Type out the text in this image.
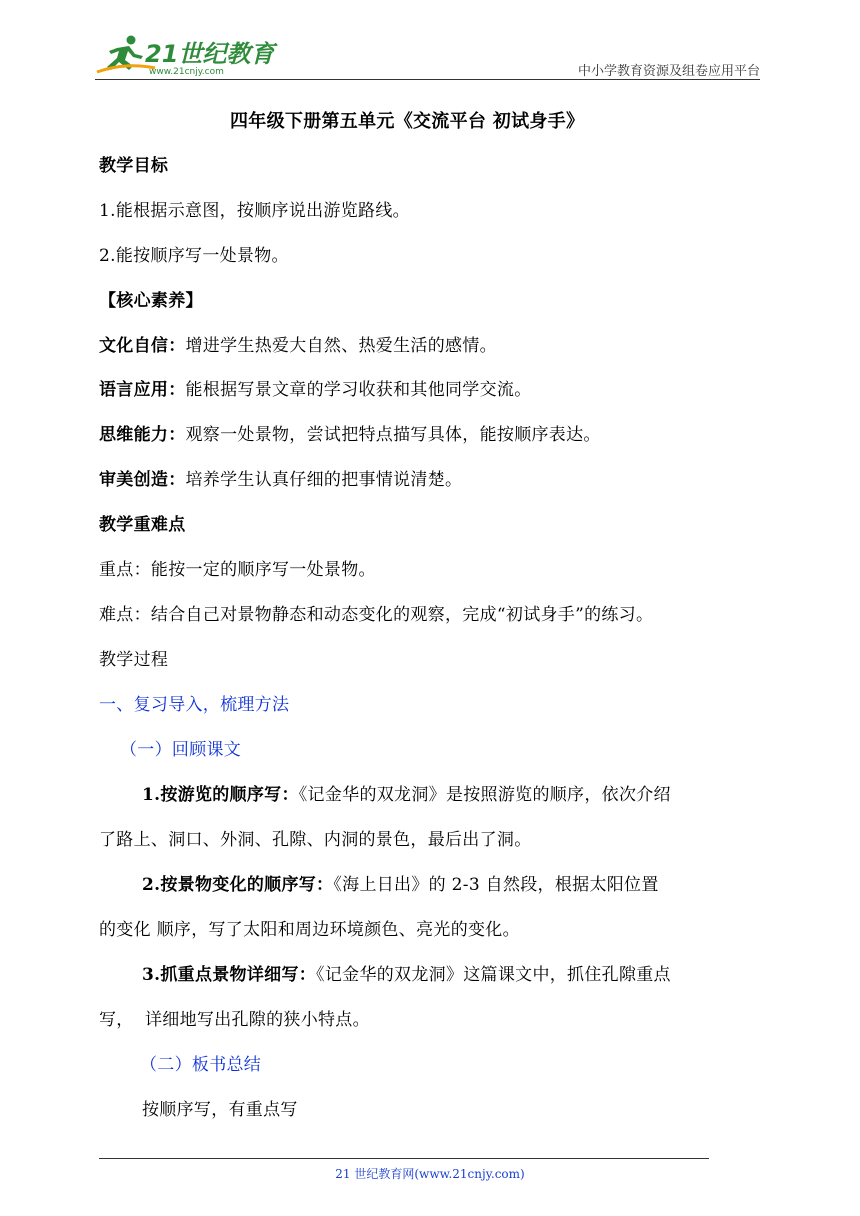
21世纪教育
www.21cnjy.com	中小学教育资源及组卷应用平台
四年级下册第五单元《交流平台 初试身手》
教学目标
1.能根据示意图，按顺序说出游览路线。
2.能按顺序写一处景物。
【核心素养】
文化自信：增进学生热爱大自然、热爱生活的感情。
语言应用：能根据写景文章的学习收获和其他同学交流。
思维能力：观察一处景物，尝试把特点描写具体，能按顺序表达。
审美创造：培养学生认真仔细的把事情说清楚。
教学重难点
重点：能按一定的顺序写一处景物。
难点：结合自己对景物静态和动态变化的观察，完成“初试身手”的练习。
教学过程
一、复习导入，梳理方法
（一）回顾课文
1.按游览的顺序写：《记金华的双龙洞》是按照游览的顺序，依次介绍
了路上、洞口、外洞、孔隙、内洞的景色，最后出了洞。
2.按景物变化的顺序写：《海上日出》的 2-3 自然段，根据太阳位置
的变化 顺序，写了太阳和周边环境颜色、亮光的变化。
3.抓重点景物详细写：《记金华的双龙洞》这篇课文中，抓住孔隙重点
写，  详细地写出孔隙的狭小特点。
（二）板书总结
按顺序写，有重点写
21 世纪教育网(www.21cnjy.com)
